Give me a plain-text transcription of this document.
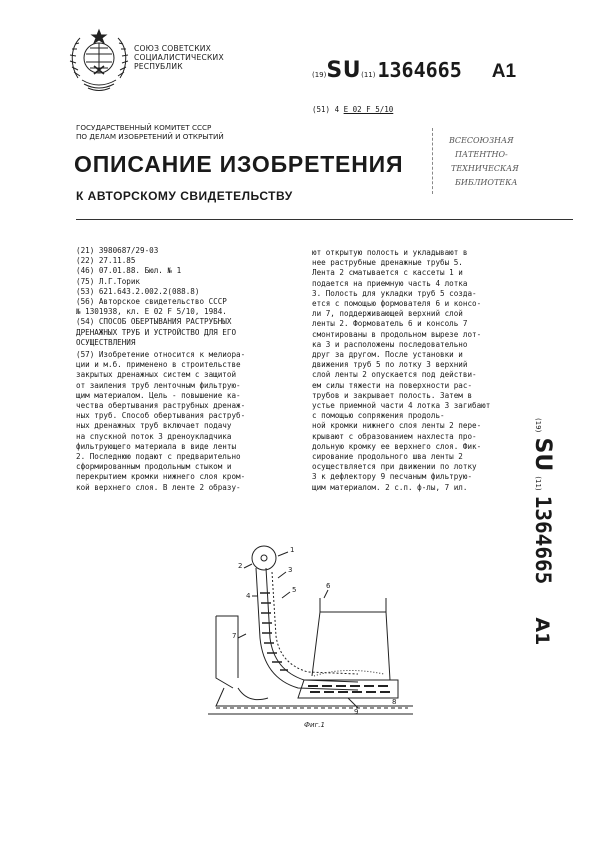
СОЮЗ СОВЕТСКИХ
СОЦИАЛИСТИЧЕСКИХ
РЕСПУБЛИК
(19) SU (11) 1364665 A1
(51) 4 E 02 F 5/10
ГОСУДАРСТВЕННЫЙ КОМИТЕТ СССР
ПО ДЕЛАМ ИЗОБРЕТЕНИЙ И ОТКРЫТИЙ
ОПИСАНИЕ ИЗОБРЕТЕНИЯ
К АВТОРСКОМУ СВИДЕТЕЛЬСТВУ
ВСЕСОЮЗНАЯ
ПАТЕНТНО-
ТЕХНИЧЕСКАЯ
БИБЛИОТЕКА
(21) 3980687/29-03
(22) 27.11.85
(46) 07.01.88. Бюл. № 1
(75) Л.Г.Торик
(53) 621.643.2.002.2(088.8)
(56) Авторское свидетельство СССР
№ 1301938, кл. Е 02 F 5/10, 1984.
(54) СПОСОБ ОБЕРТЫВАНИЯ РАСТРУБНЫХ
ДРЕНАЖНЫХ ТРУБ И УСТРОЙСТВО ДЛЯ ЕГО
ОСУЩЕСТВЛЕНИЯ
(57) Изобретение относится к мелиора-
ции и м.б. применено в строительстве
закрытых дренажных систем с защитой
от заиления труб ленточным фильтрую-
щим материалом. Цель - повышение ка-
чества обертывания раструбных дренаж-
ных труб. Способ обертывания раструб-
ных дренажных труб включает подачу
на спускной поток 3 дреноукладчика
фильтрующего материала в виде ленты
2. Последнюю подают с предварительно
сформированным продольным стыком и
перекрытием кромки нижнего слоя кром-
кой верхнего слоя. В ленте 2 образу-
ют открытую полость и укладывают в
нее раструбные дренажные трубы 5.
Лента 2 сматывается с кассеты 1 и
подается на приемную часть 4 лотка
3. Полость для укладки труб 5 созда-
ется с помощью формователя 6 и консо-
ли 7, поддерживающей верхний слой
ленты 2. Формователь 6 и консоль 7
смонтированы в продольном вырезе лот-
ка 3 и расположены последовательно
друг за другом. После установки и
движения труб 5 по лотку 3 верхний
слой ленты 2 опускается под действи-
ем силы тяжести на поверхности рас-
трубов и закрывает полость. Затем в
устье приемной части 4 лотка 3 загибают
с помощью сопряжения продоль-
ной кромки нижнего слоя ленты 2 пере-
крывают с образованием нахлеста про-
дольную кромку ее верхнего слоя. Фик-
сирование продольного шва ленты 2
осуществляется при движении по лотку
3 к дефлектору 9 песчаным фильтрую-
щим материалом. 2 с.п. ф-лы, 7 ил.
(19) SU (11) 1364665 A1
1
2	3
4
5	6
7
8
9
Фиг.1
